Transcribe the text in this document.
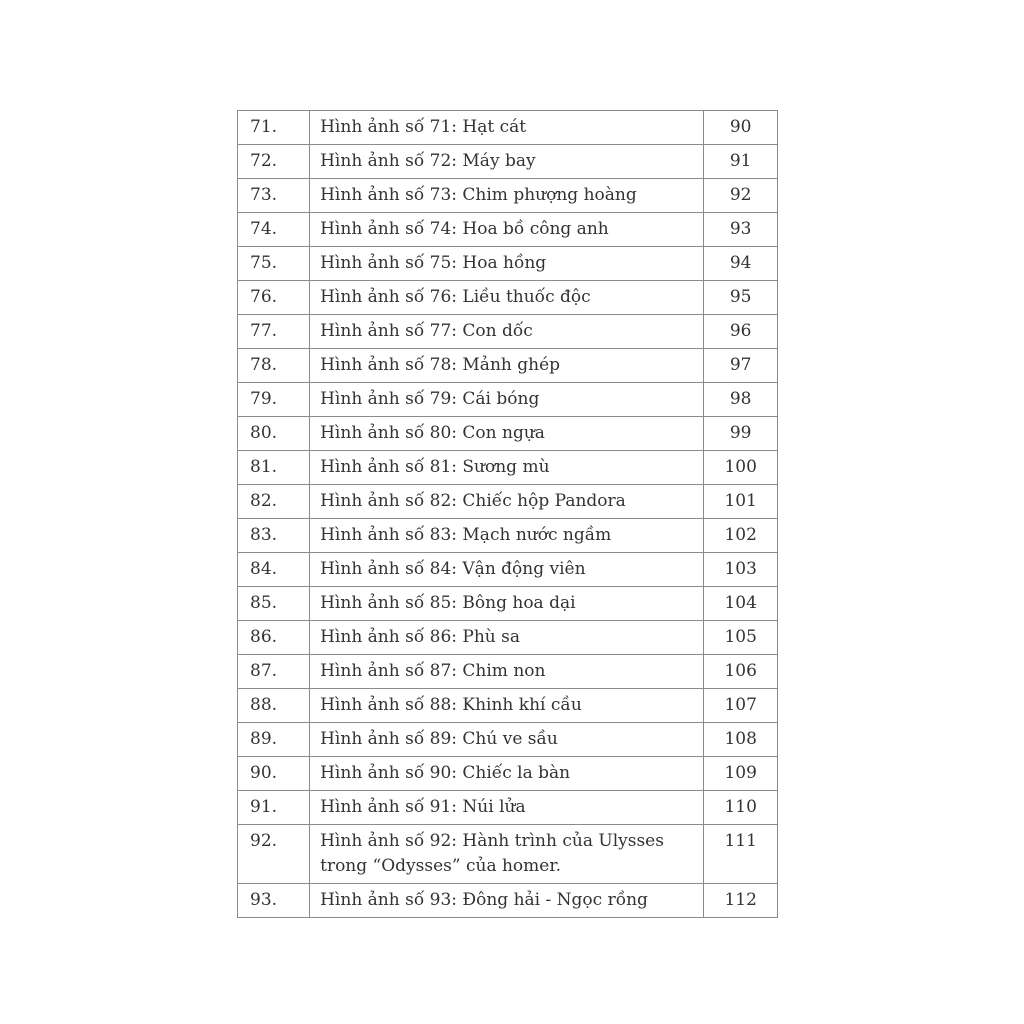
71.	Hình ảnh số 71: Hạt cát	90
72.	Hình ảnh số 72: Máy bay	91
73.	Hình ảnh số 73: Chim phượng hoàng	92
74.	Hình ảnh số 74: Hoa bồ công anh	93
75.	Hình ảnh số 75: Hoa hồng	94
76.	Hình ảnh số 76: Liều thuốc độc	95
77.	Hình ảnh số 77: Con dốc	96
78.	Hình ảnh số 78: Mảnh ghép	97
79.	Hình ảnh số 79: Cái bóng	98
80.	Hình ảnh số 80: Con ngựa	99
81.	Hình ảnh số 81: Sương mù	100
82.	Hình ảnh số 82: Chiếc hộp Pandora	101
83.	Hình ảnh số 83: Mạch nước ngầm	102
84.	Hình ảnh số 84: Vận động viên	103
85.	Hình ảnh số 85: Bông hoa dại	104
86.	Hình ảnh số 86: Phù sa	105
87.	Hình ảnh số 87: Chim non	106
88.	Hình ảnh số 88: Khinh khí cầu	107
89.	Hình ảnh số 89: Chú ve sầu	108
90.	Hình ảnh số 90: Chiếc la bàn	109
91.	Hình ảnh số 91: Núi lửa	110
92.	Hình ảnh số 92: Hành trình của Ulysses trong “Odysses” của homer.	111
93.	Hình ảnh số 93: Đông hải - Ngọc rồng	112
